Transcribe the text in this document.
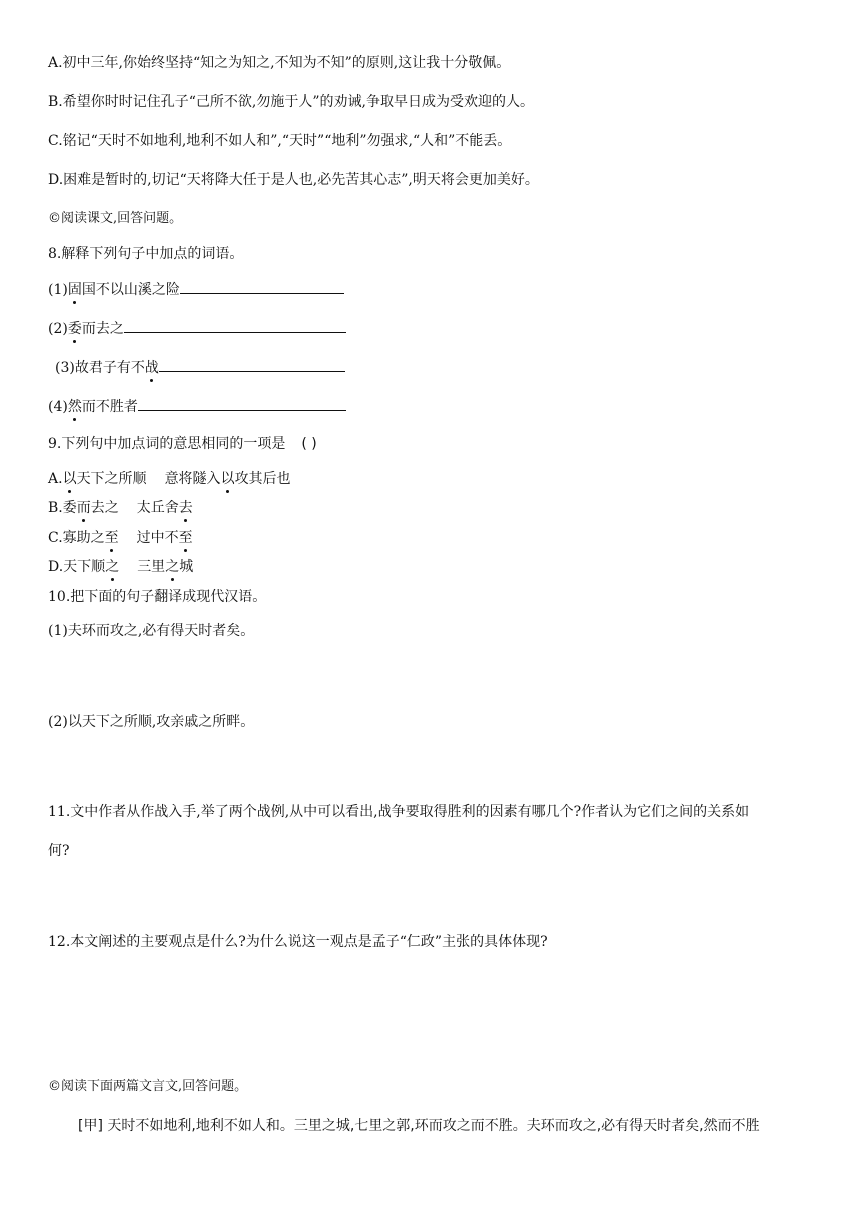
A.初中三年,你始终坚持“知之为知之,不知为不知”的原则,这让我十分敬佩。
B.希望你时时记住孔子“己所不欲,勿施于人”的劝诫,争取早日成为受欢迎的人。
C.铭记“天时不如地利,地利不如人和”,“天时”“地利”勿强求,“人和”不能丢。
D.困难是暂时的,切记“天将降大任于是人也,必先苦其心志”,明天将会更加美好。
©阅读课文,回答问题。
8.解释下列句子中加点的词语。
(1)固国不以山溪之险
(2)委而去之
(3)故君子有不战
(4)然而不胜者
9.下列句中加点词的意思相同的一项是 ( )
A.以天下之所顺 意将隧入以攻其后也
B.委而去之 太丘舍去
C.寡助之至 过中不至
D.天下顺之 三里之城
10.把下面的句子翻译成现代汉语。
(1)夫环而攻之,必有得天时者矣。
(2)以天下之所顺,攻亲戚之所畔。
11.文中作者从作战入手,举了两个战例,从中可以看出,战争要取得胜利的因素有哪几个?作者认为它们之间的关系如
何?
12.本文阐述的主要观点是什么?为什么说这一观点是孟子“仁政”主张的具体体现?
©阅读下面两篇文言文,回答问题。
[甲] 天时不如地利,地利不如人和。三里之城,七里之郭,环而攻之而不胜。夫环而攻之,必有得天时者矣,然而不胜
